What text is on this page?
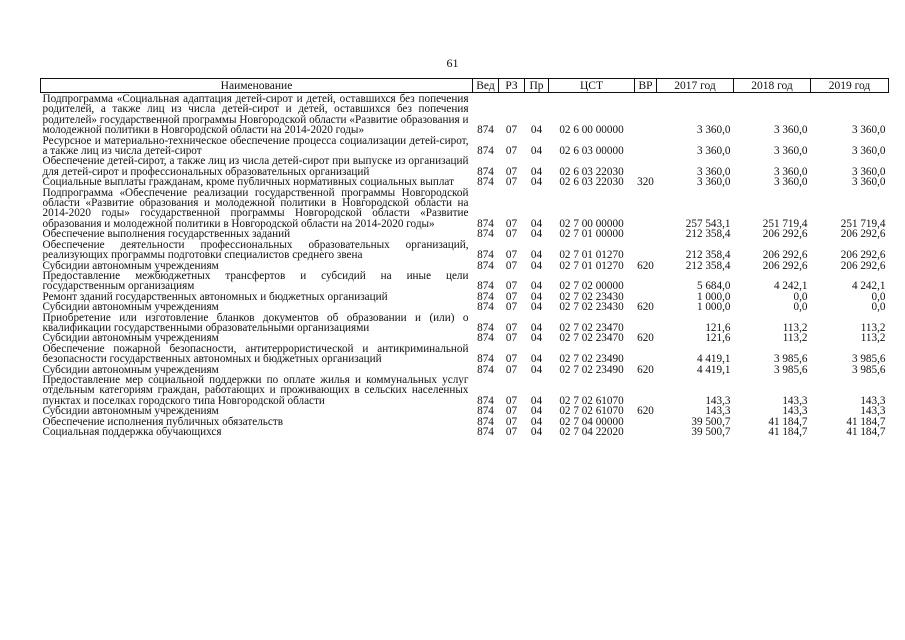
61
Наименование	Вед	РЗ	Пр	ЦСТ	ВР	2017 год	2018 год	2019 год
Подпрограмма «Социальная адаптация детей-сирот и детей, оставшихся без попечения родителей, а также лиц из числа детей-сирот и детей, оставшихся без попечения родителей» государственной программы Новгородской области «Развитие образования и молодежной политики в Новгородской области на 2014-2020 годы»	874	07	04	02 6 00 00000		3 360,0	3 360,0	3 360,0
Ресурсное и материально-техническое обеспечение процесса социализации детей-сирот, а также лиц из числа детей-сирот	874	07	04	02 6 03 00000		3 360,0	3 360,0	3 360,0
Обеспечение детей-сирот, а также лиц из числа детей-сирот при выпуске из организаций для детей-сирот и профессиональных образовательных организаций	874	07	04	02 6 03 22030		3 360,0	3 360,0	3 360,0
Социальные выплаты гражданам, кроме публичных нормативных социальных выплат	874	07	04	02 6 03 22030	320	3 360,0	3 360,0	3 360,0
Подпрограмма «Обеспечение реализации государственной программы Новгородской области «Развитие образования и молодежной политики в Новгородской области на 2014-2020 годы» государственной программы Новгородской области «Развитие образования и молодежной политики в Новгородской области на 2014-2020 годы»	874	07	04	02 7 00 00000		257 543,1	251 719,4	251 719,4
Обеспечение выполнения государственных заданий	874	07	04	02 7 01 00000		212 358,4	206 292,6	206 292,6
Обеспечение деятельности профессиональных образовательных организаций, реализующих программы подготовки специалистов среднего звена	874	07	04	02 7 01 01270		212 358,4	206 292,6	206 292,6
Субсидии автономным учреждениям	874	07	04	02 7 01 01270	620	212 358,4	206 292,6	206 292,6
Предоставление межбюджетных трансфертов и субсидий на иные цели государственным организациям	874	07	04	02 7 02 00000		5 684,0	4 242,1	4 242,1
Ремонт зданий государственных автономных и бюджетных организаций	874	07	04	02 7 02 23430		1 000,0	0,0	0,0
Субсидии автономным учреждениям	874	07	04	02 7 02 23430	620	1 000,0	0,0	0,0
Приобретение или изготовление бланков документов об образовании и (или) о квалификации государственными образовательными организациями	874	07	04	02 7 02 23470		121,6	113,2	113,2
Субсидии автономным учреждениям	874	07	04	02 7 02 23470	620	121,6	113,2	113,2
Обеспечение пожарной безопасности, антитеррористической и антикриминальной безопасности государственных автономных и бюджетных организаций	874	07	04	02 7 02 23490		4 419,1	3 985,6	3 985,6
Субсидии автономным учреждениям	874	07	04	02 7 02 23490	620	4 419,1	3 985,6	3 985,6
Предоставление мер социальной поддержки по оплате жилья и коммунальных услуг отдельным категориям граждан, работающих и проживающих в сельских населенных пунктах и поселках городского типа Новгородской области	874	07	04	02 7 02 61070		143,3	143,3	143,3
Субсидии автономным учреждениям	874	07	04	02 7 02 61070	620	143,3	143,3	143,3
Обеспечение исполнения публичных обязательств	874	07	04	02 7 04 00000		39 500,7	41 184,7	41 184,7
Социальная поддержка обучающихся	874	07	04	02 7 04 22020		39 500,7	41 184,7	41 184,7
